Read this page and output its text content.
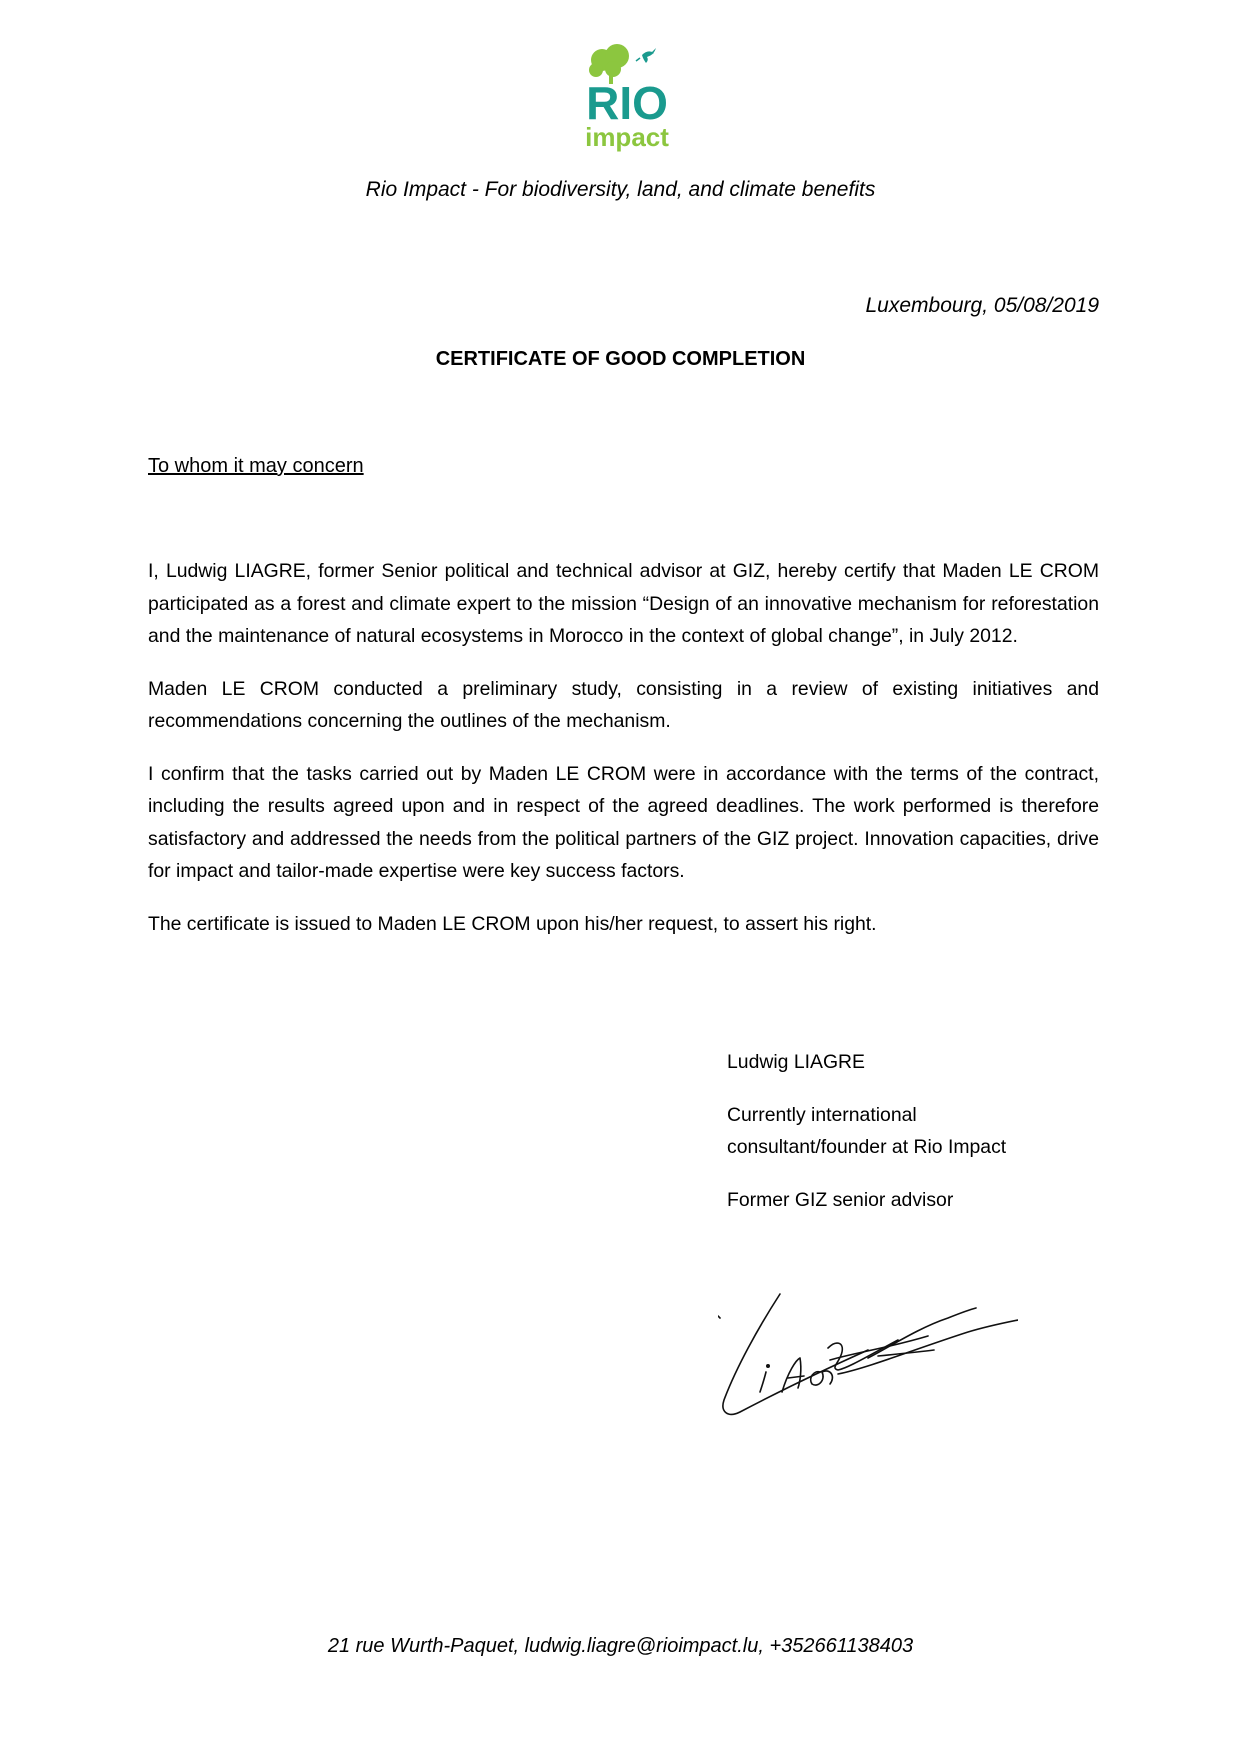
RIO
impact
Rio Impact - For biodiversity, land, and climate benefits
Luxembourg, 05/08/2019
CERTIFICATE OF GOOD COMPLETION
To whom it may concern

I, Ludwig LIAGRE, former Senior political and technical advisor at GIZ, hereby certify that Maden LE CROM participated as a forest and climate expert to the mission “Design of an innovative mechanism for reforestation and the maintenance of natural ecosystems in Morocco in the context of global change”, in July 2012.

Maden LE CROM conducted a preliminary study, consisting in a review of existing initiatives and recommendations concerning the outlines of the mechanism.

I confirm that the tasks carried out by Maden LE CROM were in accordance with the terms of the contract, including the results agreed upon and in respect of the agreed deadlines. The work performed is therefore satisfactory and addressed the needs from the political partners of the GIZ project. Innovation capacities, drive for impact and tailor-made expertise were key success factors.

The certificate is issued to Maden LE CROM upon his/her request, to assert his right.

Ludwig LIAGRE

Currently international
consultant/founder at Rio Impact

Former GIZ senior advisor

21 rue Wurth-Paquet, ludwig.liagre@rioimpact.lu, +352661138403
